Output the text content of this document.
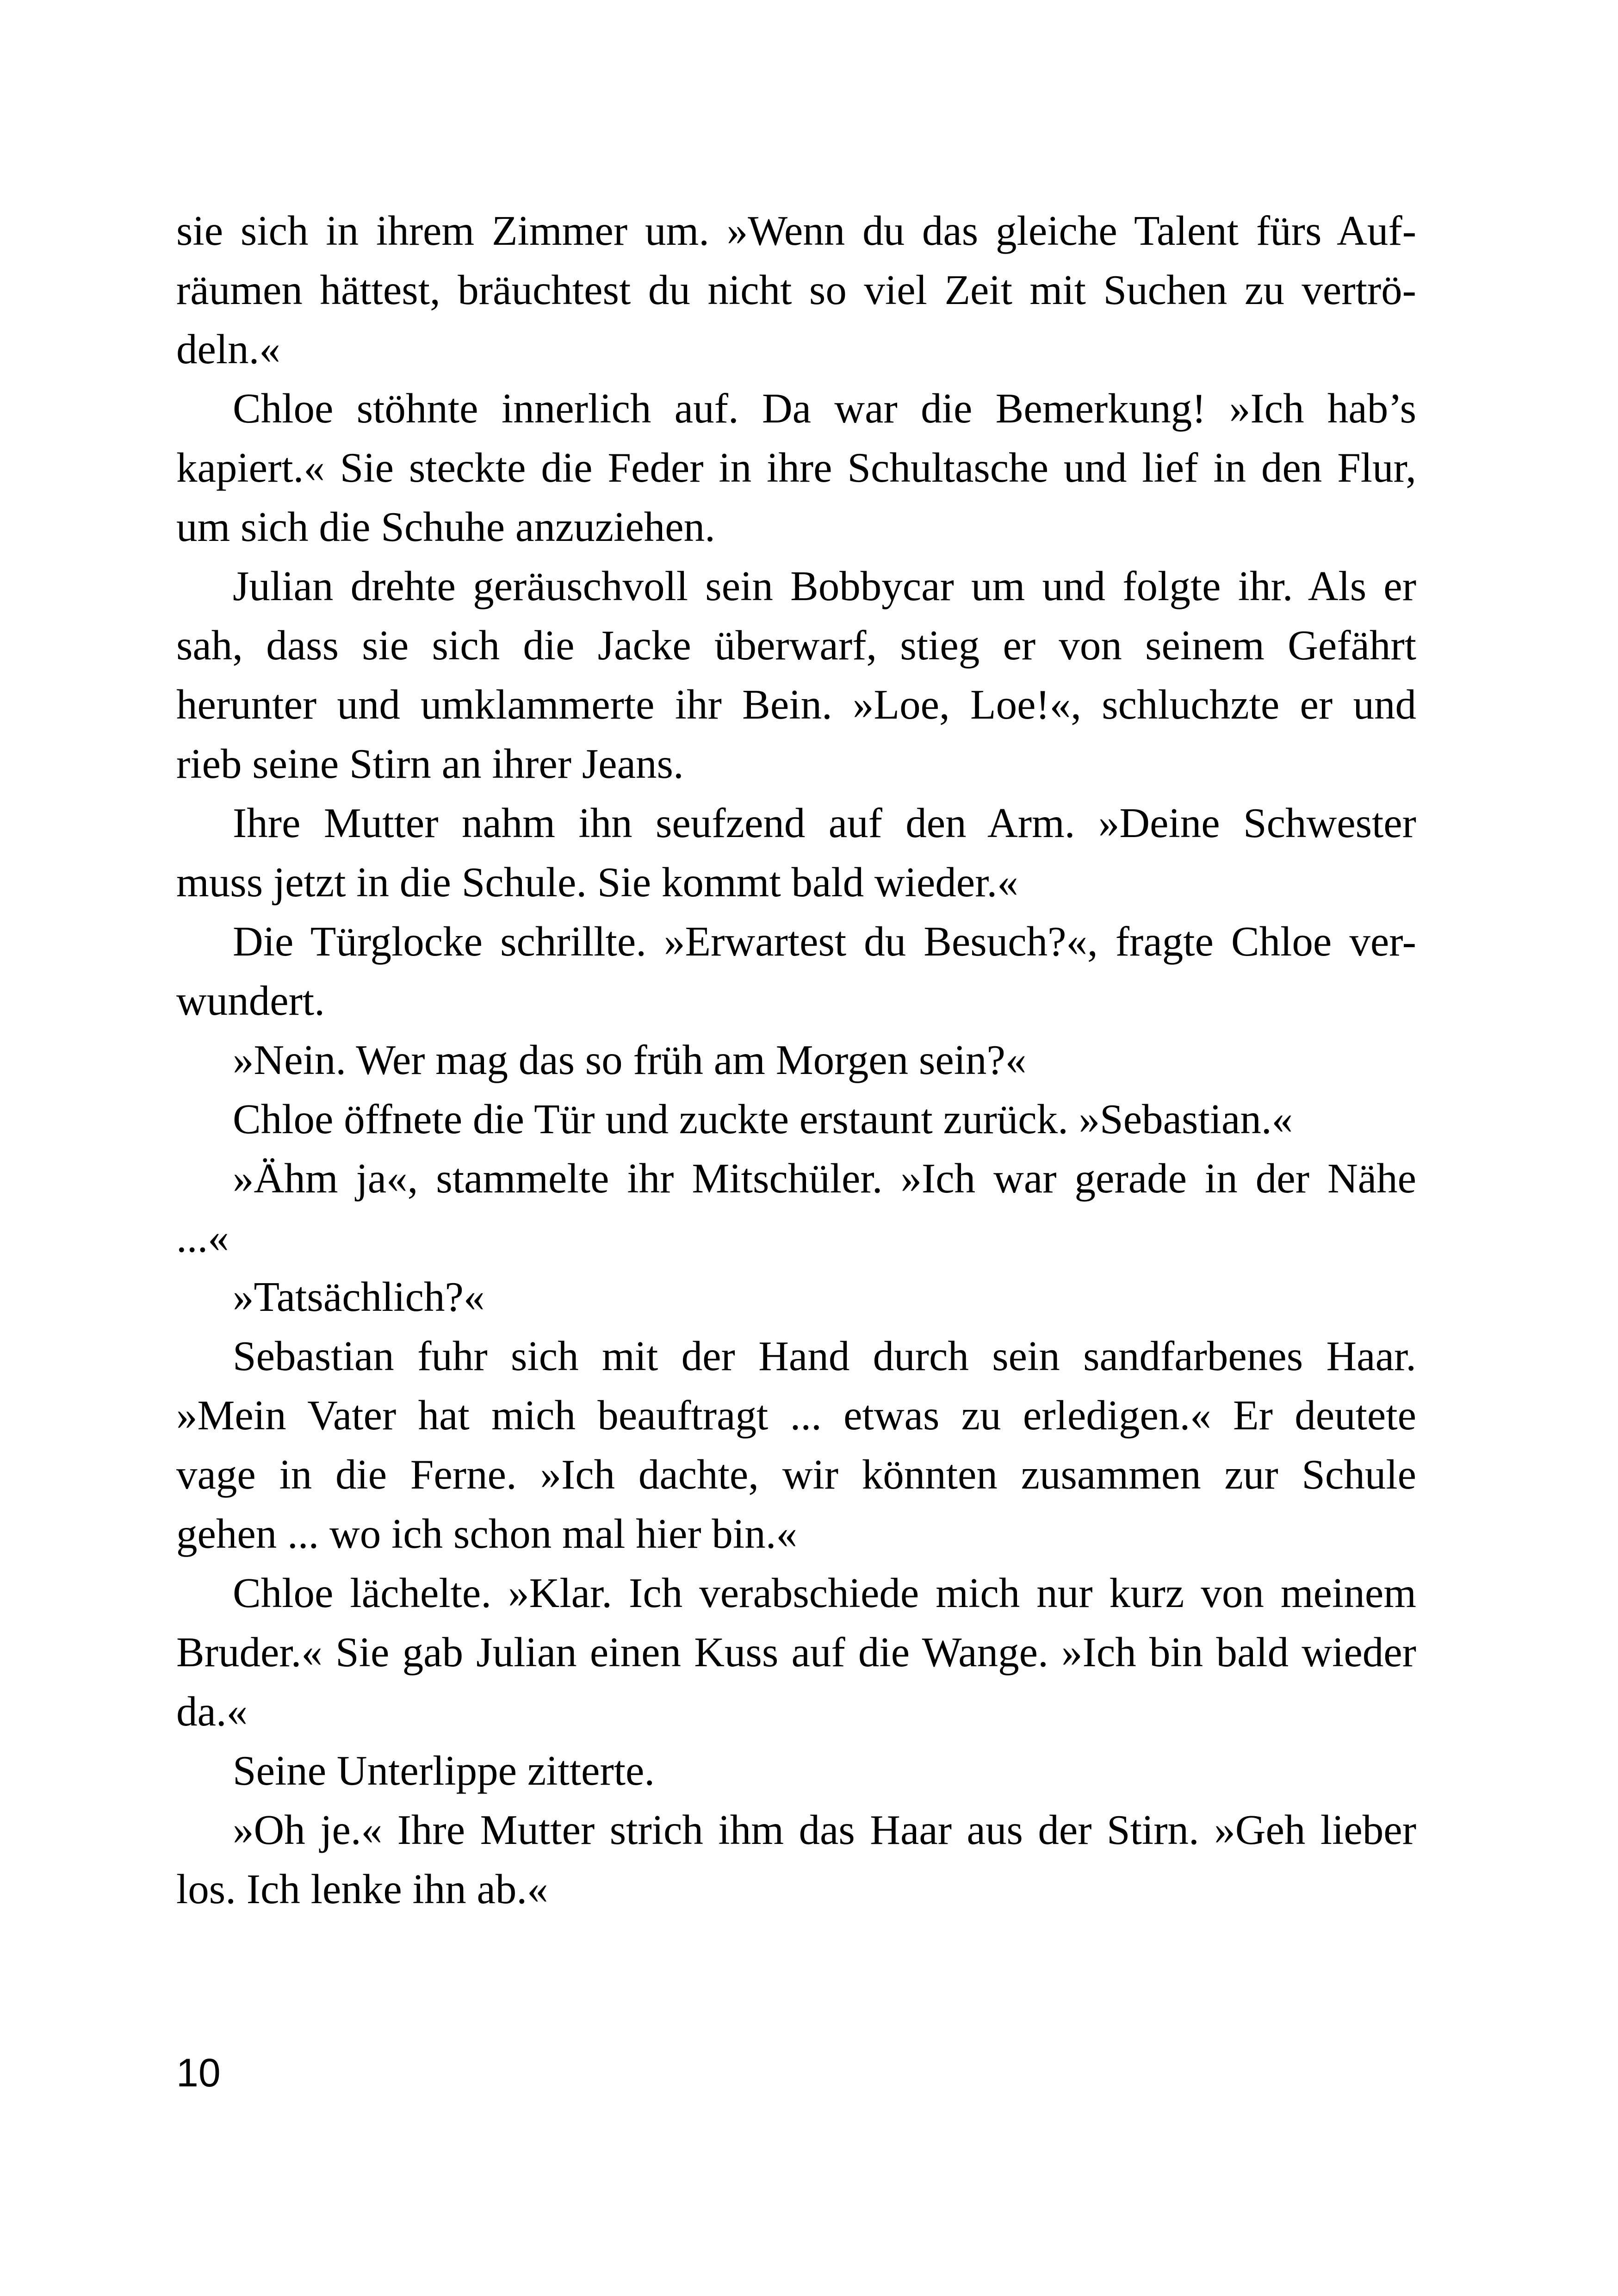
sie sich in ihrem Zimmer um. »Wenn du das gleiche Talent fürs Auf-
räumen hättest, bräuchtest du nicht so viel Zeit mit Suchen zu vertrö-
deln.«
Chloe stöhnte innerlich auf. Da war die Bemerkung! »Ich hab’s
kapiert.« Sie steckte die Feder in ihre Schultasche und lief in den Flur,
um sich die Schuhe anzuziehen.
Julian drehte geräuschvoll sein Bobbycar um und folgte ihr. Als er
sah, dass sie sich die Jacke überwarf, stieg er von seinem Gefährt
herunter und umklammerte ihr Bein. »Loe, Loe!«, schluchzte er und
rieb seine Stirn an ihrer Jeans.
Ihre Mutter nahm ihn seufzend auf den Arm. »Deine Schwester
muss jetzt in die Schule. Sie kommt bald wieder.«
Die Türglocke schrillte. »Erwartest du Besuch?«, fragte Chloe ver-
wundert.
»Nein. Wer mag das so früh am Morgen sein?«
Chloe öffnete die Tür und zuckte erstaunt zurück. »Sebastian.«
»Ähm ja«, stammelte ihr Mitschüler. »Ich war gerade in der Nähe
...«
»Tatsächlich?«
Sebastian fuhr sich mit der Hand durch sein sandfarbenes Haar.
»Mein Vater hat mich beauftragt ... etwas zu erledigen.« Er deutete
vage in die Ferne. »Ich dachte, wir könnten zusammen zur Schule
gehen ... wo ich schon mal hier bin.«
Chloe lächelte. »Klar. Ich verabschiede mich nur kurz von meinem
Bruder.« Sie gab Julian einen Kuss auf die Wange. »Ich bin bald wieder
da.«
Seine Unterlippe zitterte.
»Oh je.« Ihre Mutter strich ihm das Haar aus der Stirn. »Geh lieber
los. Ich lenke ihn ab.«
10
